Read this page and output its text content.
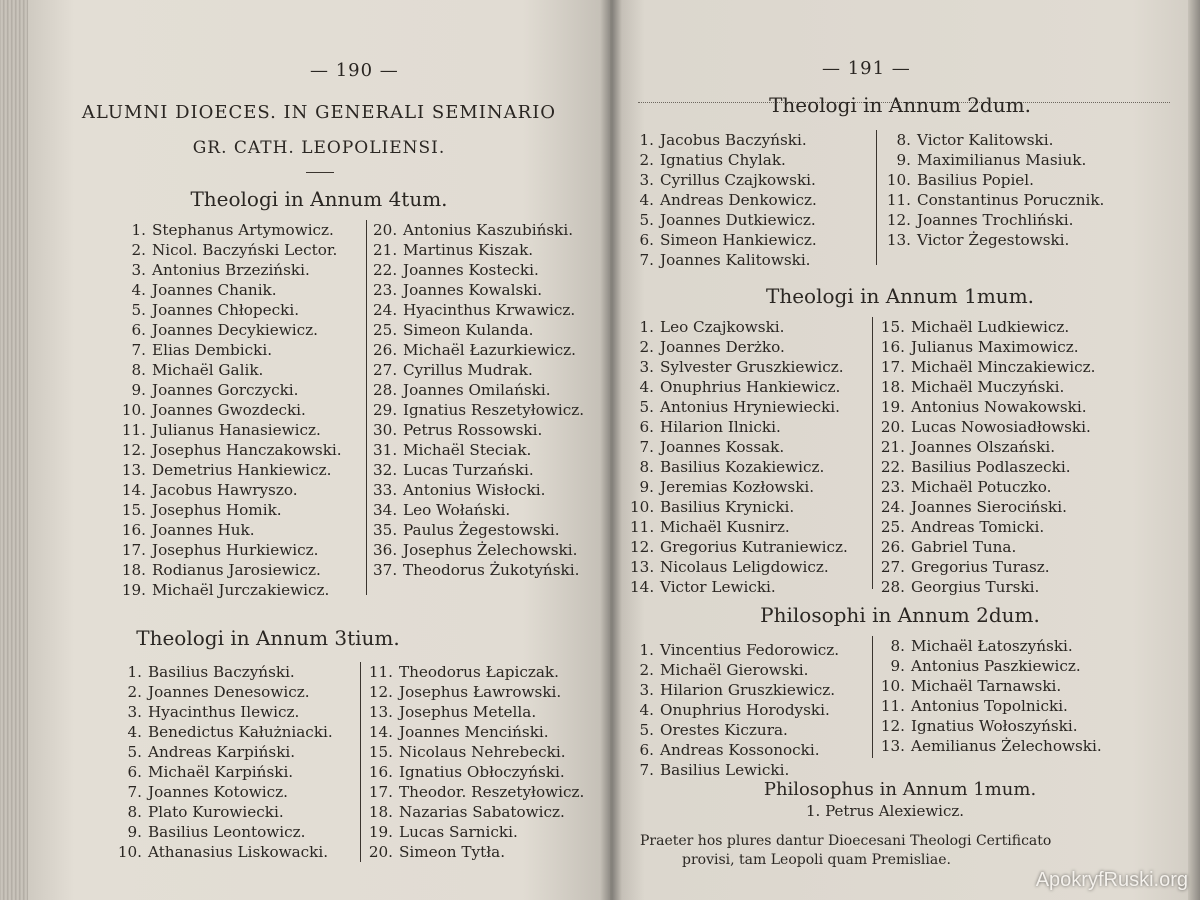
— 190 —
ALUMNI DIOECES. IN GENERALI SEMINARIO
GR. CATH. LEOPOLIENSI.
Theologi in Annum 4tum.
1. Stephanus Artymowicz.
2. Nicol. Baczyński Lector.
3. Antonius Brzeziński.
4. Joannes Chanik.
5. Joannes Chłopecki.
6. Joannes Decykiewicz.
7. Elias Dembicki.
8. Michaël Galik.
9. Joannes Gorczycki.
10. Joannes Gwozdecki.
11. Julianus Hanasiewicz.
12. Josephus Hanczakowski.
13. Demetrius Hankiewicz.
14. Jacobus Hawryszo.
15. Josephus Homik.
16. Joannes Huk.
17. Josephus Hurkiewicz.
18. Rodianus Jarosiewicz.
19. Michaël Jurczakiewicz.
20. Antonius Kaszubiński.
21. Martinus Kiszak.
22. Joannes Kostecki.
23. Joannes Kowalski.
24. Hyacinthus Krwawicz.
25. Simeon Kulanda.
26. Michaël Łazurkiewicz.
27. Cyrillus Mudrak.
28. Joannes Omilański.
29. Ignatius Reszetyłowicz.
30. Petrus Rossowski.
31. Michaël Steciak.
32. Lucas Turzański.
33. Antonius Wisłocki.
34. Leo Wołański.
35. Paulus Żegestowski.
36. Josephus Żelechowski.
37. Theodorus Żukotyński.
Theologi in Annum 3tium.
1. Basilius Baczyński.
2. Joannes Denesowicz.
3. Hyacinthus Ilewicz.
4. Benedictus Kałużniacki.
5. Andreas Karpiński.
6. Michaël Karpiński.
7. Joannes Kotowicz.
8. Plato Kurowiecki.
9. Basilius Leontowicz.
10. Athanasius Liskowacki.
11. Theodorus Łapiczak.
12. Josephus Ławrowski.
13. Josephus Metella.
14. Joannes Menciński.
15. Nicolaus Nehrebecki.
16. Ignatius Obłoczyński.
17. Theodor. Reszetyłowicz.
18. Nazarias Sabatowicz.
19. Lucas Sarnicki.
20. Simeon Tytła.
— 191 —
Theologi in Annum 2dum.
1. Jacobus Baczyński.
2. Ignatius Chylak.
3. Cyrillus Czajkowski.
4. Andreas Denkowicz.
5. Joannes Dutkiewicz.
6. Simeon Hankiewicz.
7. Joannes Kalitowski.
8. Victor Kalitowski.
9. Maximilianus Masiuk.
10. Basilius Popiel.
11. Constantinus Porucznik.
12. Joannes Trochliński.
13. Victor Żegestowski.
Theologi in Annum 1mum.
1. Leo Czajkowski.
2. Joannes Derżko.
3. Sylvester Gruszkiewicz.
4. Onuphrius Hankiewicz.
5. Antonius Hryniewiecki.
6. Hilarion Ilnicki.
7. Joannes Kossak.
8. Basilius Kozakiewicz.
9. Jeremias Kozłowski.
10. Basilius Krynicki.
11. Michaël Kusnirz.
12. Gregorius Kutraniewicz.
13. Nicolaus Leligdowicz.
14. Victor Lewicki.
15. Michaël Ludkiewicz.
16. Julianus Maximowicz.
17. Michaël Minczakiewicz.
18. Michaël Muczyński.
19. Antonius Nowakowski.
20. Lucas Nowosiadłowski.
21. Joannes Olszański.
22. Basilius Podlaszecki.
23. Michaël Potuczko.
24. Joannes Sierociński.
25. Andreas Tomicki.
26. Gabriel Tuna.
27. Gregorius Turasz.
28. Georgius Turski.
Philosophi in Annum 2dum.
1. Vincentius Fedorowicz.
2. Michaël Gierowski.
3. Hilarion Gruszkiewicz.
4. Onuphrius Horodyski.
5. Orestes Kiczura.
6. Andreas Kossonocki.
7. Basilius Lewicki.
8. Michaël Łatoszyński.
9. Antonius Paszkiewicz.
10. Michaël Tarnawski.
11. Antonius Topolnicki.
12. Ignatius Wołoszyński.
13. Aemilianus Żelechowski.
Philosophus in Annum 1mum.
1. Petrus Alexiewicz.
Praeter hos plures dantur Dioecesani Theologi Certificato
provisi, tam Leopoli quam Premisliae.
ApokryfRuski.org
